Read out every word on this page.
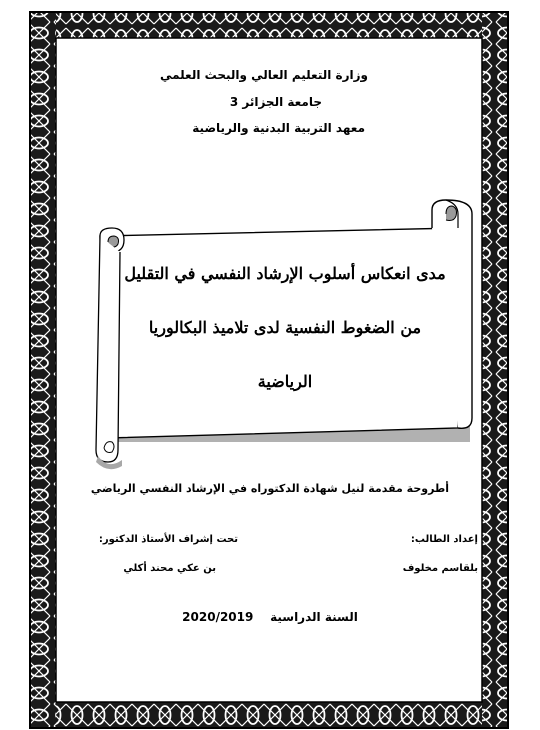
وزارة التعليم العالي والبحث العلمي
جامعة الجزائر 3
معهد التربية البدنية والرياضية
مدى انعكاس أسلوب الإرشاد النفسي في التقليل
من الضغوط النفسية لدى تلاميذ البكالوريا
الرياضية
أطروحة مقدمة لنيل شهادة الدكتوراه في الإرشاد النفسي الرياضي
إعداد الطالب:
بلقاسم مخلوف
تحت إشراف الأستاذ الدكتور:
بن عكي محند أكلي
السنة الدراسية    2020/2019
